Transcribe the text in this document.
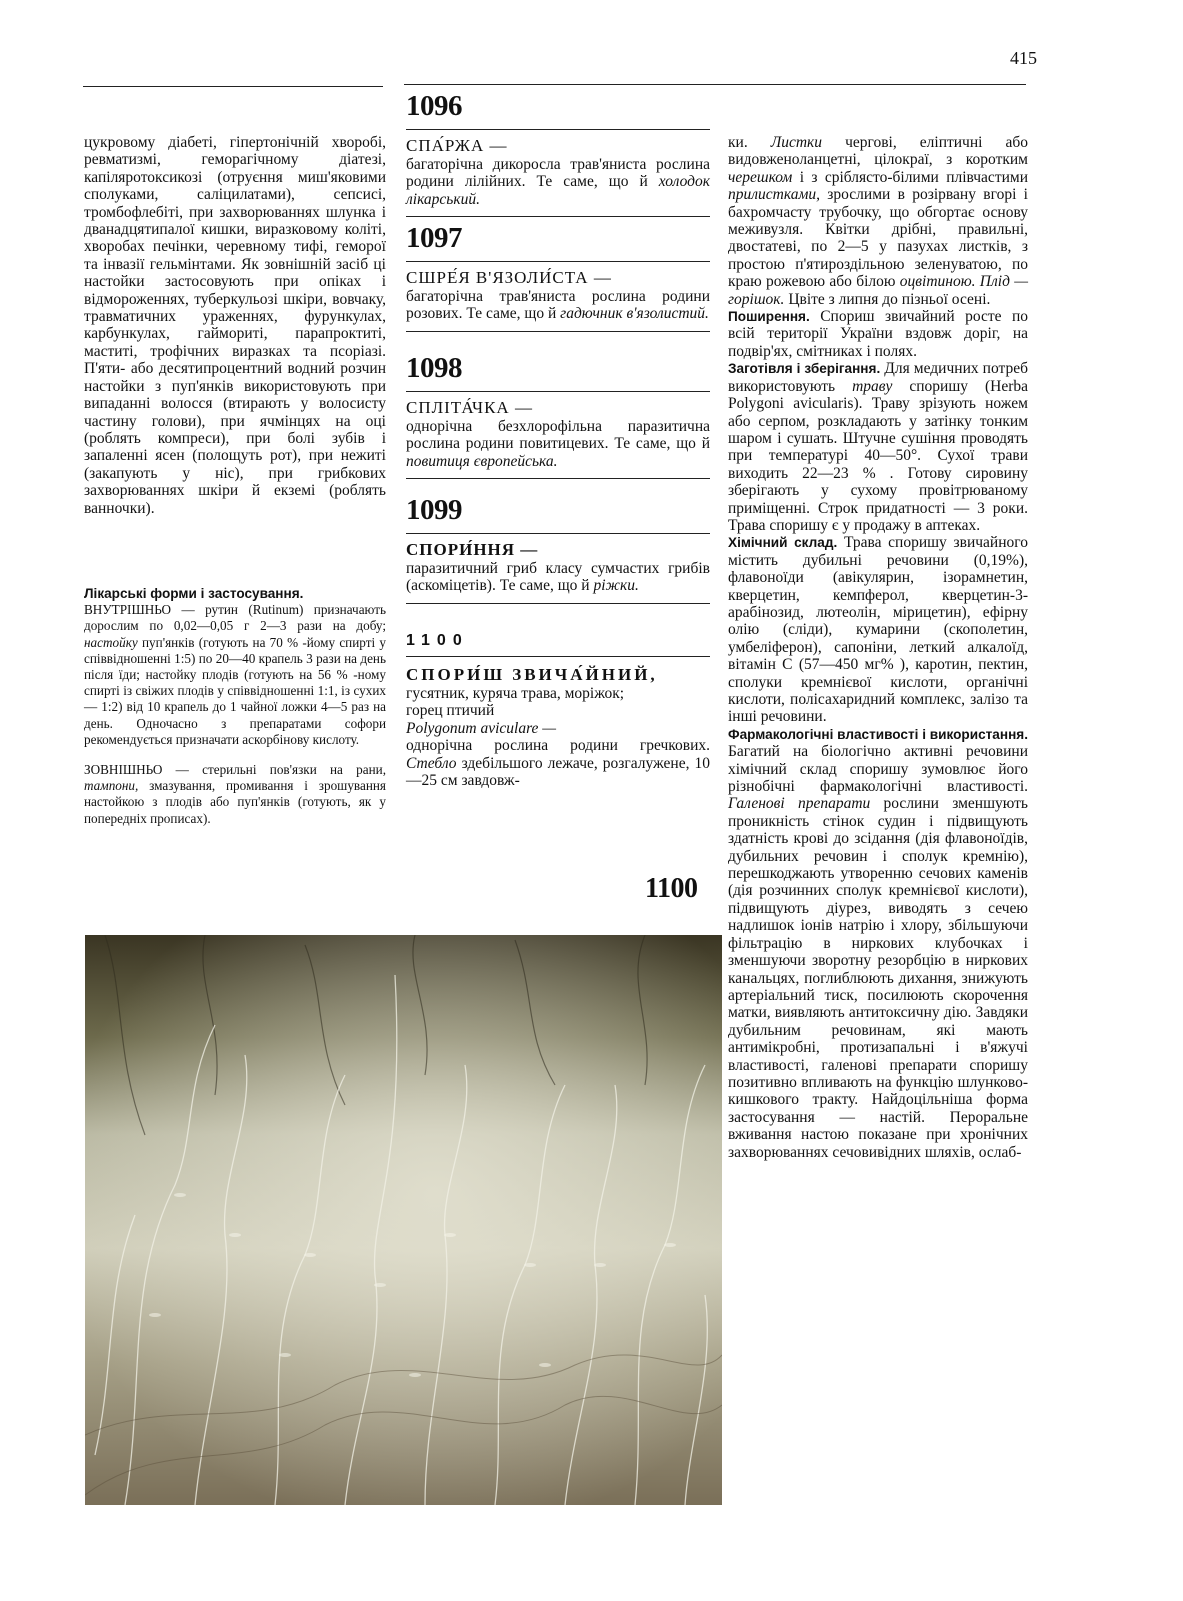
415

цукровому діабеті, гіпертонічній хворобі, ревматизмі, геморагічному діатезі, капіляротоксикозі (отруєння миш'яковими сполуками, саліцилатами), сепсисі, тромбофлебіті, при захворюваннях шлунка і дванадцятипалої кишки, виразковому коліті, хворобах печінки, черевному тифі, геморої та інвазії гельмінтами. Як зовнішній засіб ці настойки застосовують при опіках і відмороженнях, туберкульозі шкіри, вовчаку, травматичних ураженнях, фурункулах, карбункулах, гаймориті, парапроктиті, маститі, трофічних виразках та псоріазі. П'яти- або десятипроцентний водний розчин настойки з пуп'янків використовують при випаданні волосся (втирають у волосисту частину голови), при ячмінцях на оці (роблять компреси), при болі зубів і запаленні ясен (полощуть рот), при нежиті (закапують у ніс), при грибкових захворюваннях шкіри й екземі (роблять ванночки).

Лікарські форми і застосування.

ВНУТРІШНЬО — рутин (Rutinum) призначають дорослим по 0,02—0,05 г 2—3 рази на добу; настойку пуп'янків (готують на 70 % -йому спирті у співвідношенні 1:5) по 20—40 крапель 3 рази на день після їди; настойку плодів (готують на 56 % -ному спирті із свіжих плодів у співвідношенні 1:1, із сухих— 1:2) від 10 крапель до 1 чайної ложки 4—5 раз на день. Одночасно з препаратами софори рекомендується призначати аскорбінову кислоту.

ЗОВНІШНЬО — стерильні пов'язки на рани, тампони, змазування, промивання і зрошування настойкою з плодів або пуп'янків (готують, як у попередніх прописах).

1096
СПА́РЖА —
багаторічна дикоросла трав'яниста рослина родини лілійних. Те саме, що й холодок лікарський.
1097
СШРЕ́Я В'ЯЗОЛИ́СТА —
багаторічна трав'яниста рослина родини розових. Те саме, що й гадючник в'язолистий.
1098
СПЛІТА́ЧКА —
однорічна безхлорофільна паразитична рослина родини повитицевих. Те саме, що й повитиця європейська.
1099
СПОРИ́ННЯ —
паразитичний гриб класу сумчастих грибів (аскоміцетів). Те саме, що й ріжки.
1100
СПОРИ́Ш ЗВИЧА́ЙНИЙ,

гусятник, куряча трава, моріжок;

горец птичий

Polygonum aviculare —

однорічна рослина родини гречкових. Стебло здебільшого лежаче, розгалужене, 10—25 см завдовж-
1100

ки. Листки чергові, еліптичні або видовженоланцетні, цілокраї, з коротким черешком і з сріблясто-білими плівчастими прилистками, зрослими в розірвану вгорі і бахромчасту трубочку, що обгортає основу меживузля. Квітки дрібні, правильні, двостатеві, по 2—5 у пазухах листків, з простою п'ятироздільною зеленуватою, по краю рожевою або білою оцвітиною. Плід — горішок. Цвіте з липня до пізньої осені.

Поширення. Спориш звичайний росте по всій території України вздовж доріг, на подвір'ях, смітниках і полях.

Заготівля і зберігання. Для медичних потреб використовують траву споришу (Herba Polygoni avicularis). Траву зрізують ножем або серпом, розкладають у затінку тонким шаром і сушать. Штучне сушіння проводять при температурі 40—50°. Сухої трави виходить 22—23 % . Готову сировину зберігають у сухому провітрюваному приміщенні. Строк придатності — 3 роки. Трава споришу є у продажу в аптеках.

Хімічний склад. Трава споришу звичайного містить дубильні речовини (0,19%), флавоноїди (авікулярин, ізорамнетин, кверцетин, кемпферол, кверцетин-3-арабінозид, лютеолін, мірицетин), ефірну олію (сліди), кумарини (скополетин, умбеліферон), сапоніни, леткий алкалоїд, вітамін С (57—450 мг% ), каротин, пектин, сполуки кремнієвої кислоти, органічні кислоти, полісахаридний комплекс, залізо та інші речовини.

Фармакологічні властивості і використання. Багатий на біологічно активні речовини хімічний склад споришу зумовлює його різнобічні фармакологічні властивості. Галенові препарати рослини зменшують проникність стінок судин і підвищують здатність крові до зсідання (дія флавоноїдів, дубильних речовин і сполук кремнію), перешкоджають утворенню сечових каменів (дія розчинних сполук кремнієвої кислоти), підвищують діурез, виводять з сечею надлишок іонів натрію і хлору, збільшуючи фільтрацію в ниркових клубочках і зменшуючи зворотну резорбцію в ниркових канальцях, поглиблюють дихання, знижують артеріальний тиск, посилюють скорочення матки, виявляють антитоксичну дію. Завдяки дубильним речовинам, які мають антимікробні, протизапальні і в'яжучі властивості, галенові препарати споришу позитивно впливають на функцію шлунково-кишкового тракту. Найдоцільніша форма застосування — настій. Пероральне вживання настою показане при хронічних захворюваннях сечовивідних шляхів, ослаб-
